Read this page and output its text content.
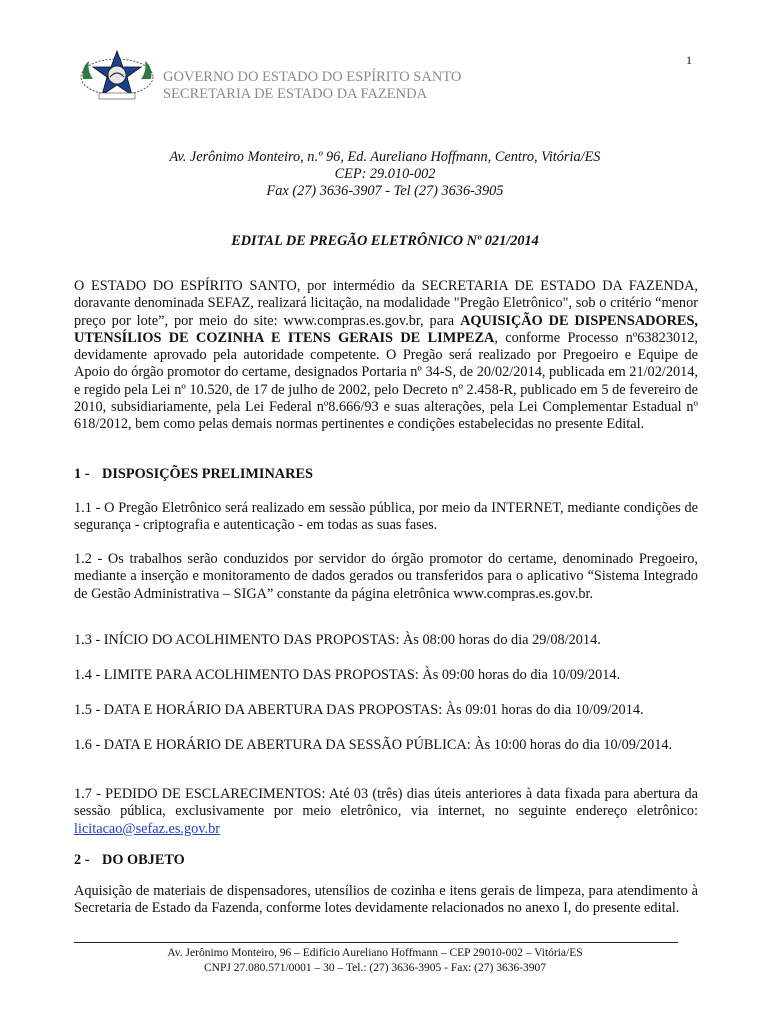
1
GOVERNO DO ESTADO DO ESPÍRITO SANTO
SECRETARIA DE ESTADO DA FAZENDA
Av. Jerônimo Monteiro, n.º 96, Ed. Aureliano Hoffmann, Centro, Vitória/ES
CEP: 29.010-002
Fax (27) 3636-3907 - Tel (27) 3636-3905
EDITAL DE PREGÃO ELETRÔNICO Nº 021/2014
O ESTADO DO ESPÍRITO SANTO, por intermédio da SECRETARIA DE ESTADO DA FAZENDA, doravante denominada SEFAZ, realizará licitação, na modalidade "Pregão Eletrônico", sob o critério “menor preço por lote”, por meio do site: www.compras.es.gov.br, para AQUISIÇÃO DE DISPENSADORES, UTENSÍLIOS DE COZINHA E ITENS GERAIS DE LIMPEZA, conforme Processo nº63823012, devidamente aprovado pela autoridade competente. O Pregão será realizado por Pregoeiro e Equipe de Apoio do órgão promotor do certame, designados Portaria nº 34-S, de 20/02/2014, publicada em 21/02/2014, e regido pela Lei nº 10.520, de 17 de julho de 2002, pelo Decreto nº 2.458-R, publicado em 5 de fevereiro de 2010, subsidiariamente, pela Lei Federal nº8.666/93 e suas alterações, pela Lei Complementar Estadual nº 618/2012, bem como pelas demais normas pertinentes e condições estabelecidas no presente Edital.
1 - DISPOSIÇÕES PRELIMINARES
1.1 - O Pregão Eletrônico será realizado em sessão pública, por meio da INTERNET, mediante condições de segurança - criptografia e autenticação - em todas as suas fases.
1.2 - Os trabalhos serão conduzidos por servidor do órgão promotor do certame, denominado Pregoeiro, mediante a inserção e monitoramento de dados gerados ou transferidos para o aplicativo “Sistema Integrado de Gestão Administrativa – SIGA” constante da página eletrônica www.compras.es.gov.br.
1.3 - INÍCIO DO ACOLHIMENTO DAS PROPOSTAS: Às 08:00 horas do dia 29/08/2014.
1.4 - LIMITE PARA ACOLHIMENTO DAS PROPOSTAS: Às 09:00 horas do dia 10/09/2014.
1.5 - DATA E HORÁRIO DA ABERTURA DAS PROPOSTAS: Às 09:01 horas do dia 10/09/2014.
1.6 - DATA E HORÁRIO DE ABERTURA DA SESSÃO PÚBLICA: Às 10:00 horas do dia 10/09/2014.
1.7 - PEDIDO DE ESCLARECIMENTOS: Até 03 (três) dias úteis anteriores à data fixada para abertura da sessão pública, exclusivamente por meio eletrônico, via internet, no seguinte endereço eletrônico: licitacao@sefaz.es.gov.br
2 - DO OBJETO
Aquisição de materiais de dispensadores, utensílios de cozinha e itens gerais de limpeza, para atendimento à Secretaria de Estado da Fazenda, conforme lotes devidamente relacionados no anexo I, do presente edital.
Av. Jerônimo Monteiro, 96 – Edifício Aureliano Hoffmann – CEP 29010-002 – Vitória/ES
CNPJ 27.080.571/0001 – 30 – Tel.: (27) 3636-3905 - Fax: (27) 3636-3907
